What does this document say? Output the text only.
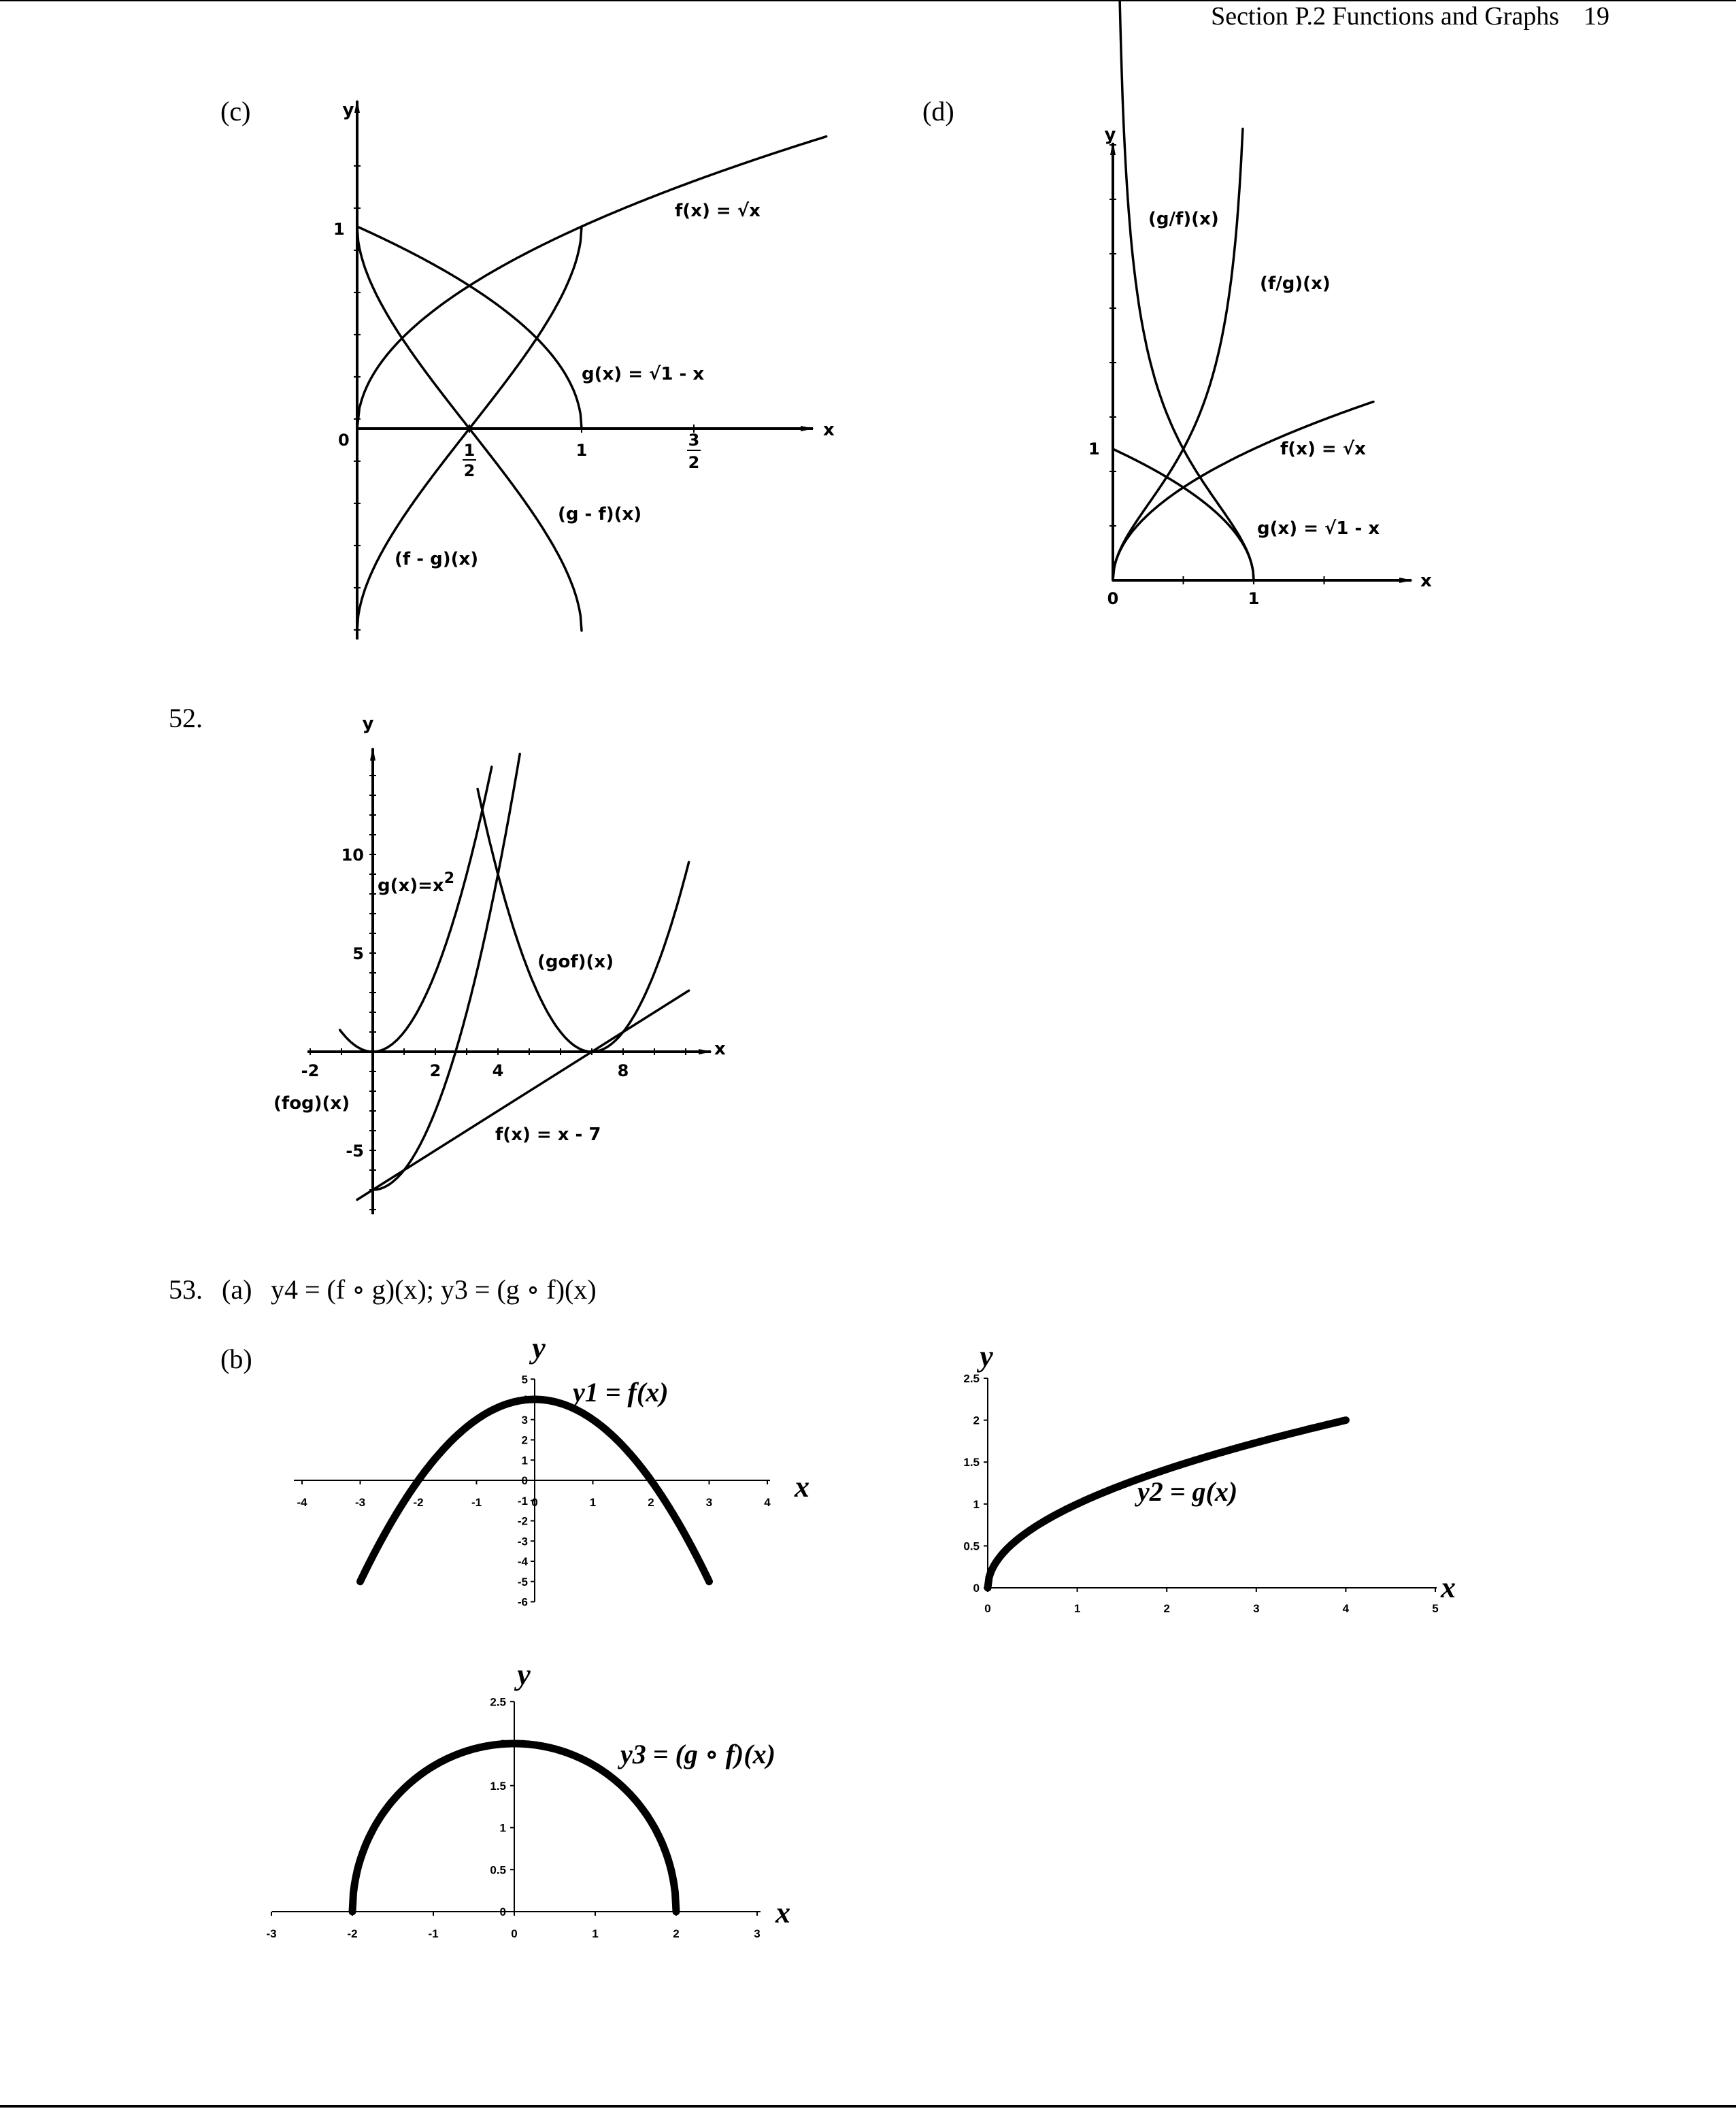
Section P.2 Functions and Graphs 19
(c)	(d)
52.
53. (a) y4 = (f ∘ g)(x); y3 = (g ∘ f)(x)
(b)
y
x
0
1
1
2
1
3
2
f(x) = √x
g(x) = √1 - x
(f - g)(x)
(g - f)(x)
y
x
0	1
1
(g/f)(x)
(f/g)(x)
f(x) = √x
g(x) = √1 - x
y
x
-2	2	4	8
10
5
-5
$g(x)=x^2$
(gof)(x)
(fog)(x)
f(x) = x - 7
-4	-3	-2	-1	0	1	2	3	4
5
4
3
2
1
0
-1
-2
-3
-4
-5
-6
y
x
y1 = f(x)
0	1	2	3	4	5
2.5
2
1.5
1
0.5
0
y
x
y2 = g(x)
-3	-2	-1	0	1	2	3
2.5
2
1.5
1
0.5
0
y
x
y3 = (g ∘ f)(x)
